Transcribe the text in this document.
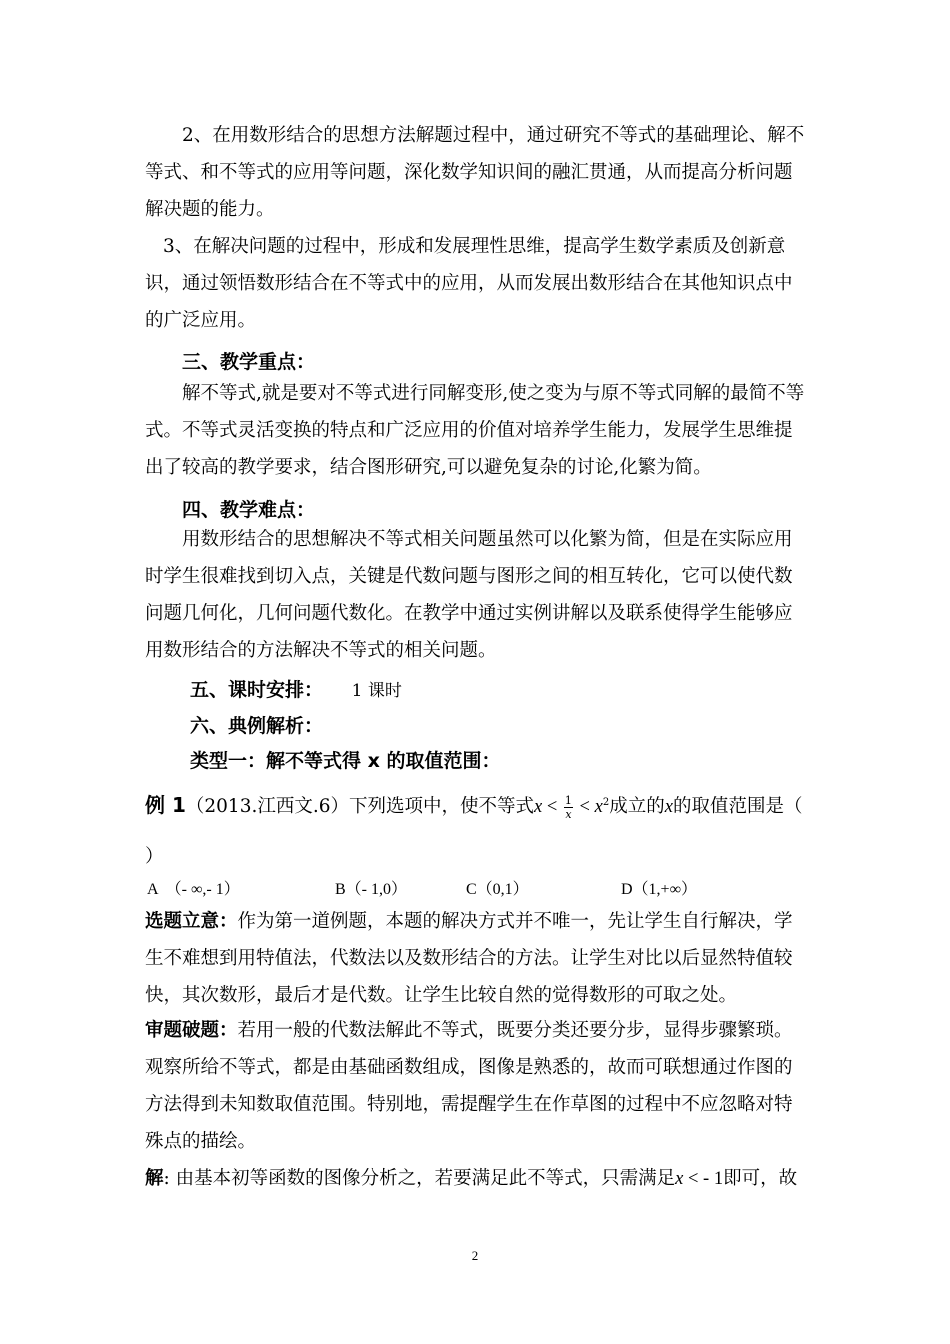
2、在用数形结合的思想方法解题过程中，通过研究不等式的基础理论、解不等式、和不等式的应用等问题，深化数学知识间的融汇贯通，从而提高分析问题解决题的能力。

3、在解决问题的过程中，形成和发展理性思维，提高学生数学素质及创新意识，通过领悟数形结合在不等式中的应用，从而发展出数形结合在其他知识点中的广泛应用。

三、教学重点：

解不等式,就是要对不等式进行同解变形,使之变为与原不等式同解的最简不等式。不等式灵活变换的特点和广泛应用的价值对培养学生能力，发展学生思维提出了较高的教学要求，结合图形研究,可以避免复杂的讨论,化繁为简。

四、教学难点：

用数形结合的思想解决不等式相关问题虽然可以化繁为简，但是在实际应用时学生很难找到切入点，关键是代数问题与图形之间的相互转化，它可以使代数问题几何化，几何问题代数化。在教学中通过实例讲解以及联系使得学生能够应用数形结合的方法解决不等式的相关问题。

五、课时安排： 1 课时

六、典例解析：

类型一：解不等式得 x 的取值范围：

例 1（2013.江西文.6）下列选项中，使不等式$x < \frac{1}{x} < x^2$成立的x的取值范围是（

）

A　（- ∞,- 1）	B（- 1,0）	C（0,1）	D（1,+∞）

选题立意：作为第一道例题，本题的解决方式并不唯一，先让学生自行解决，学生不难想到用特值法，代数法以及数形结合的方法。让学生对比以后显然特值较快，其次数形，最后才是代数。让学生比较自然的觉得数形的可取之处。

审题破题：若用一般的代数法解此不等式，既要分类还要分步，显得步骤繁琐。观察所给不等式，都是由基础函数组成，图像是熟悉的，故而可联想通过作图的方法得到未知数取值范围。特别地，需提醒学生在作草图的过程中不应忽略对特殊点的描绘。

解: 由基本初等函数的图像分析之，若要满足此不等式，只需满足x < - 1即可，故

2
